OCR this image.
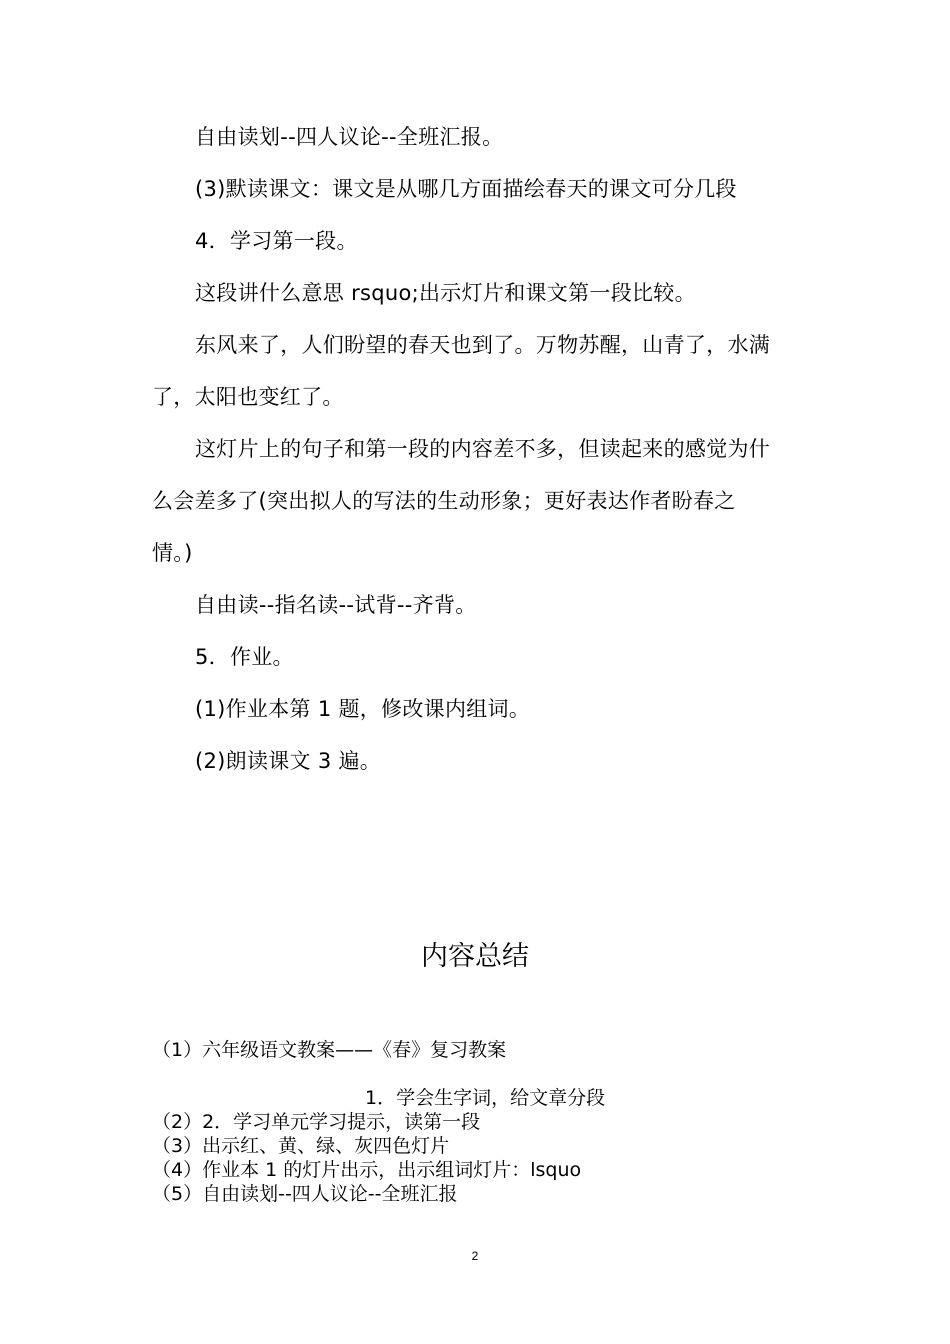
自由读划--四人议论--全班汇报。

(3)默读课文：课文是从哪几方面描绘春天的课文可分几段

4．学习第一段。

这段讲什么意思 rsquo;出示灯片和课文第一段比较。

东风来了，人们盼望的春天也到了。万物苏醒，山青了，水满

了，太阳也变红了。

这灯片上的句子和第一段的内容差不多，但读起来的感觉为什

么会差多了(突出拟人的写法的生动形象；更好表达作者盼春之

情。)

自由读--指名读--试背--齐背。

5．作业。

(1)作业本第 1 题，修改课内组词。

(2)朗读课文 3 遍。

内容总结

（1）六年级语文教案——《春》复习教案

1．学会生字词，给文章分段

（2）2．学习单元学习提示，读第一段

（3）出示红、黄、绿、灰四色灯片

（4）作业本 1 的灯片出示，出示组词灯片：lsquo

（5）自由读划--四人议论--全班汇报

2
